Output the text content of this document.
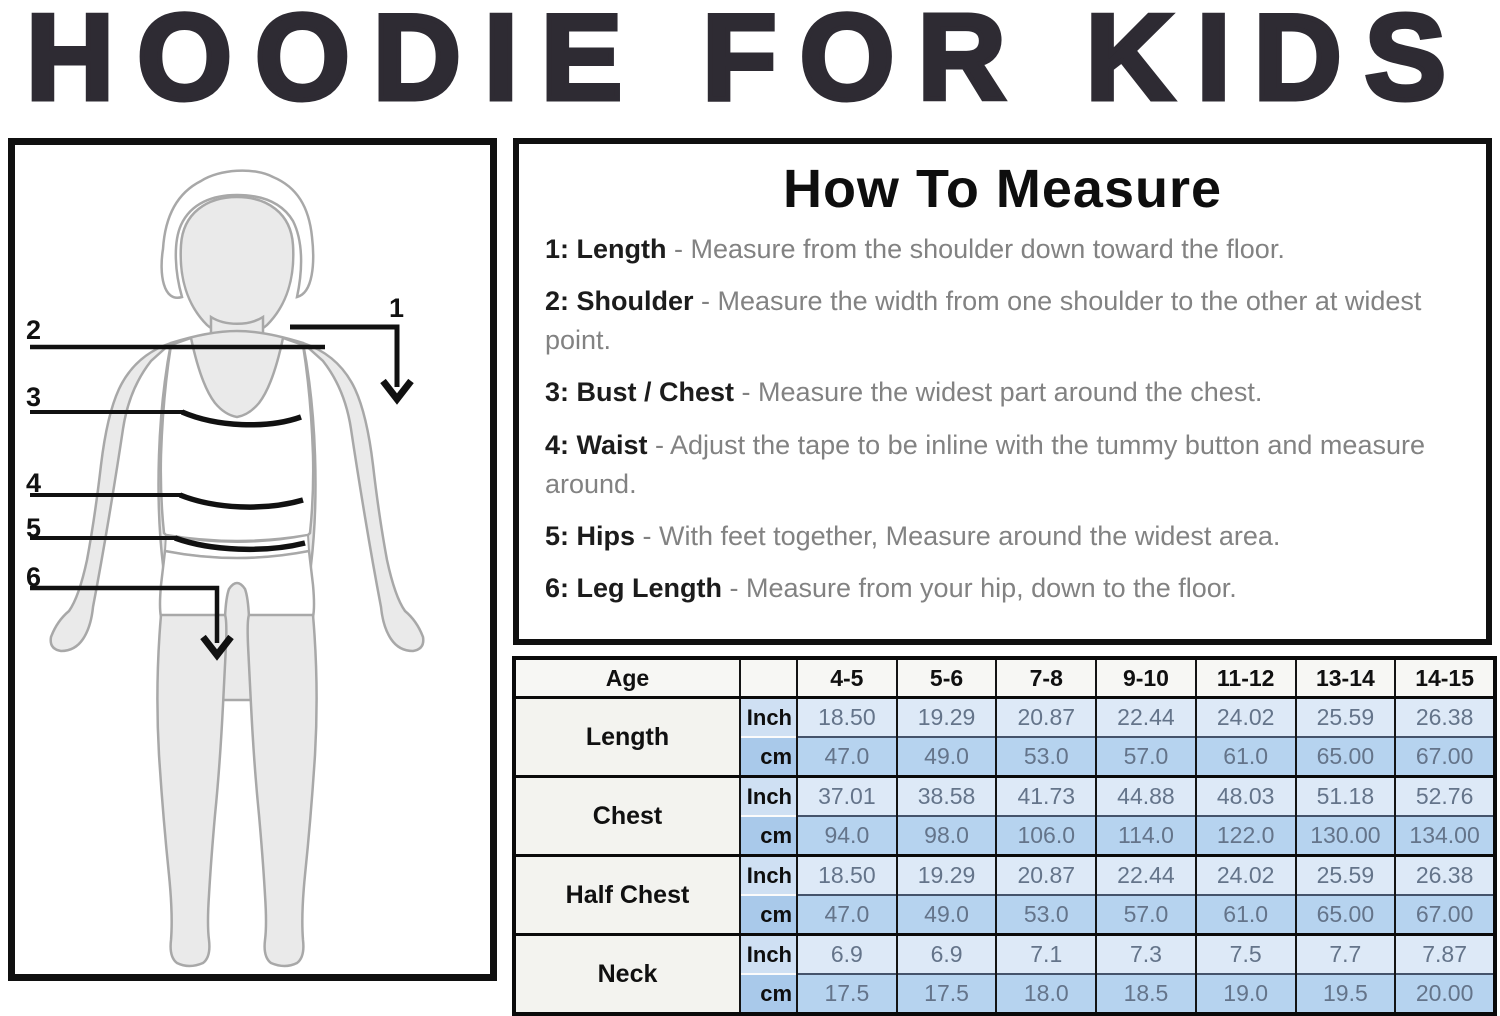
HOODIE FOR KIDS
1
2
3
4
5
6
How To Measure

1: Length - Measure from the shoulder down toward the floor.

2: Shoulder - Measure the width from one shoulder to the other at widest point.

3: Bust / Chest - Measure the widest part around the chest.

4: Waist - Adjust the tape to be inline with the tummy button and measure around.

5: Hips - With feet together, Measure around the widest area.

6: Leg Length - Measure from your hip, down to the floor.

Age		4-5	5-6	7-8	9-10	11-12	13-14	14-15
Length	Inch	18.50	19.29	20.87	22.44	24.02	25.59	26.38
	cm	47.0	49.0	53.0	57.0	61.0	65.00	67.00
Chest	Inch	37.01	38.58	41.73	44.88	48.03	51.18	52.76
	cm	94.0	98.0	106.0	114.0	122.0	130.00	134.00
Half Chest	Inch	18.50	19.29	20.87	22.44	24.02	25.59	26.38
	cm	47.0	49.0	53.0	57.0	61.0	65.00	67.00
Neck	Inch	6.9	6.9	7.1	7.3	7.5	7.7	7.87
	cm	17.5	17.5	18.0	18.5	19.0	19.5	20.00
